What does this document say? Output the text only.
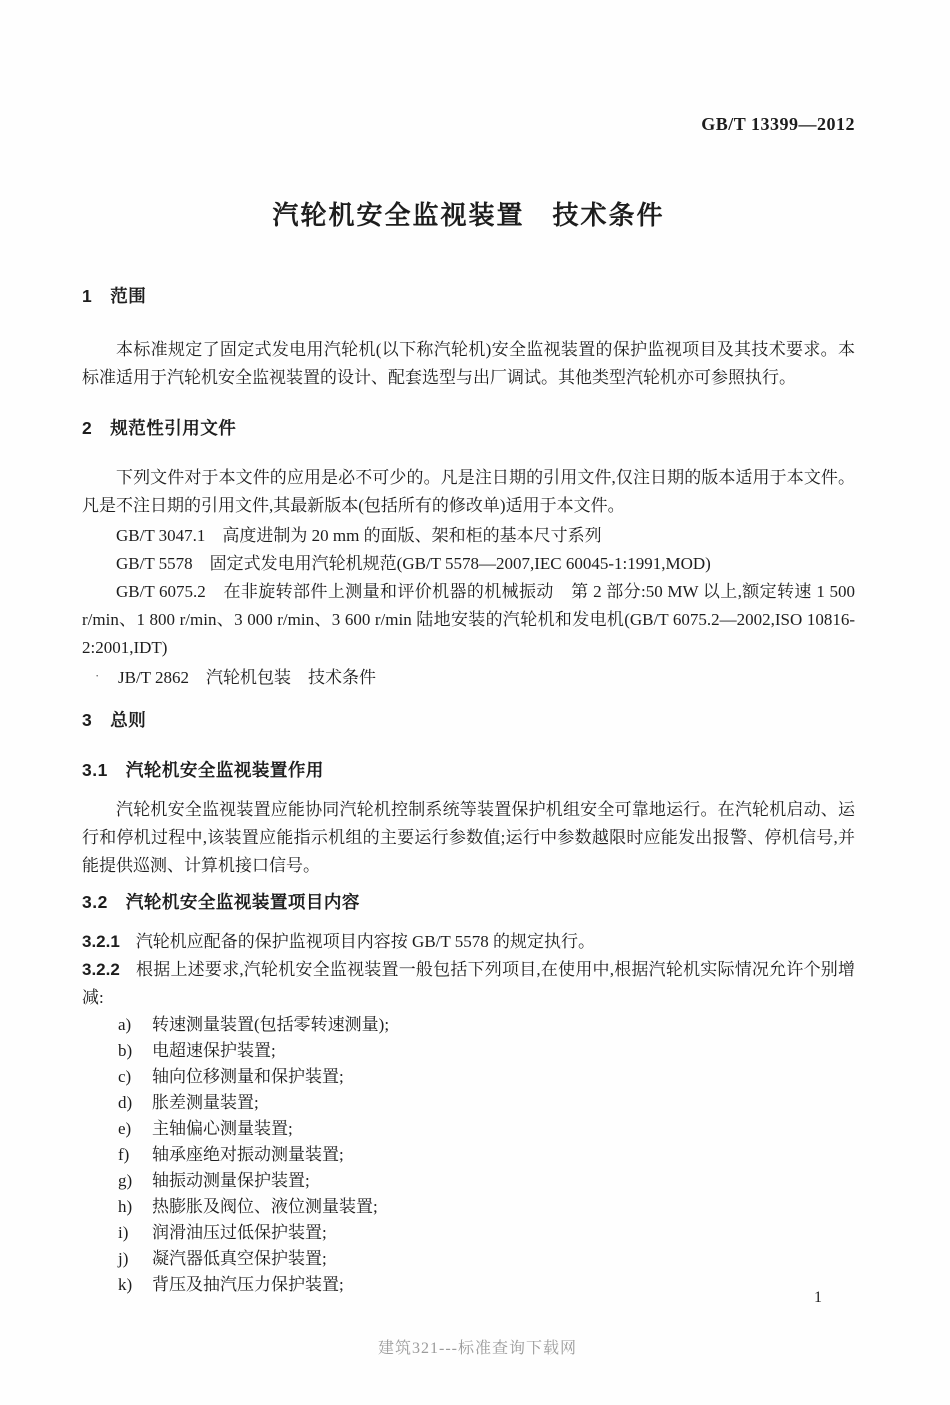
GB/T 13399—2012
汽轮机安全监视装置　技术条件
1 范围

本标准规定了固定式发电用汽轮机(以下称汽轮机)安全监视装置的保护监视项目及其技术要求。本标准适用于汽轮机安全监视装置的设计、配套选型与出厂调试。其他类型汽轮机亦可参照执行。

2 规范性引用文件

下列文件对于本文件的应用是必不可少的。凡是注日期的引用文件,仅注日期的版本适用于本文件。凡是不注日期的引用文件,其最新版本(包括所有的修改单)适用于本文件。

GB/T 3047.1　高度进制为 20 mm 的面版、架和柜的基本尺寸系列

GB/T 5578　固定式发电用汽轮机规范(GB/T 5578—2007,IEC 60045-1:1991,MOD)

GB/T 6075.2　在非旋转部件上测量和评价机器的机械振动　第 2 部分:50 MW 以上,额定转速 1 500 r/min、1 800 r/min、3 000 r/min、3 600 r/min 陆地安装的汽轮机和发电机(GB/T 6075.2—2002,ISO 10816-2:2001,IDT)

· JB/T 2862　汽轮机包装　技术条件

3 总则
3.1 汽轮机安全监视装置作用

汽轮机安全监视装置应能协同汽轮机控制系统等装置保护机组安全可靠地运行。在汽轮机启动、运行和停机过程中,该装置应能指示机组的主要运行参数值;运行中参数越限时应能发出报警、停机信号,并能提供巡测、计算机接口信号。

3.2 汽轮机安全监视装置项目内容

3.2.1 汽轮机应配备的保护监视项目内容按 GB/T 5578 的规定执行。

3.2.2 根据上述要求,汽轮机安全监视装置一般包括下列项目,在使用中,根据汽轮机实际情况允许个别增减:

a)	转速测量装置(包括零转速测量);
b)	电超速保护装置;
c)	轴向位移测量和保护装置;
d)	胀差测量装置;
e)	主轴偏心测量装置;
f)	轴承座绝对振动测量装置;
g)	轴振动测量保护装置;
h)	热膨胀及阀位、液位测量装置;
i)	润滑油压过低保护装置;
j)	凝汽器低真空保护装置;
k)	背压及抽汽压力保护装置;
1
建筑321---标准查询下载网
